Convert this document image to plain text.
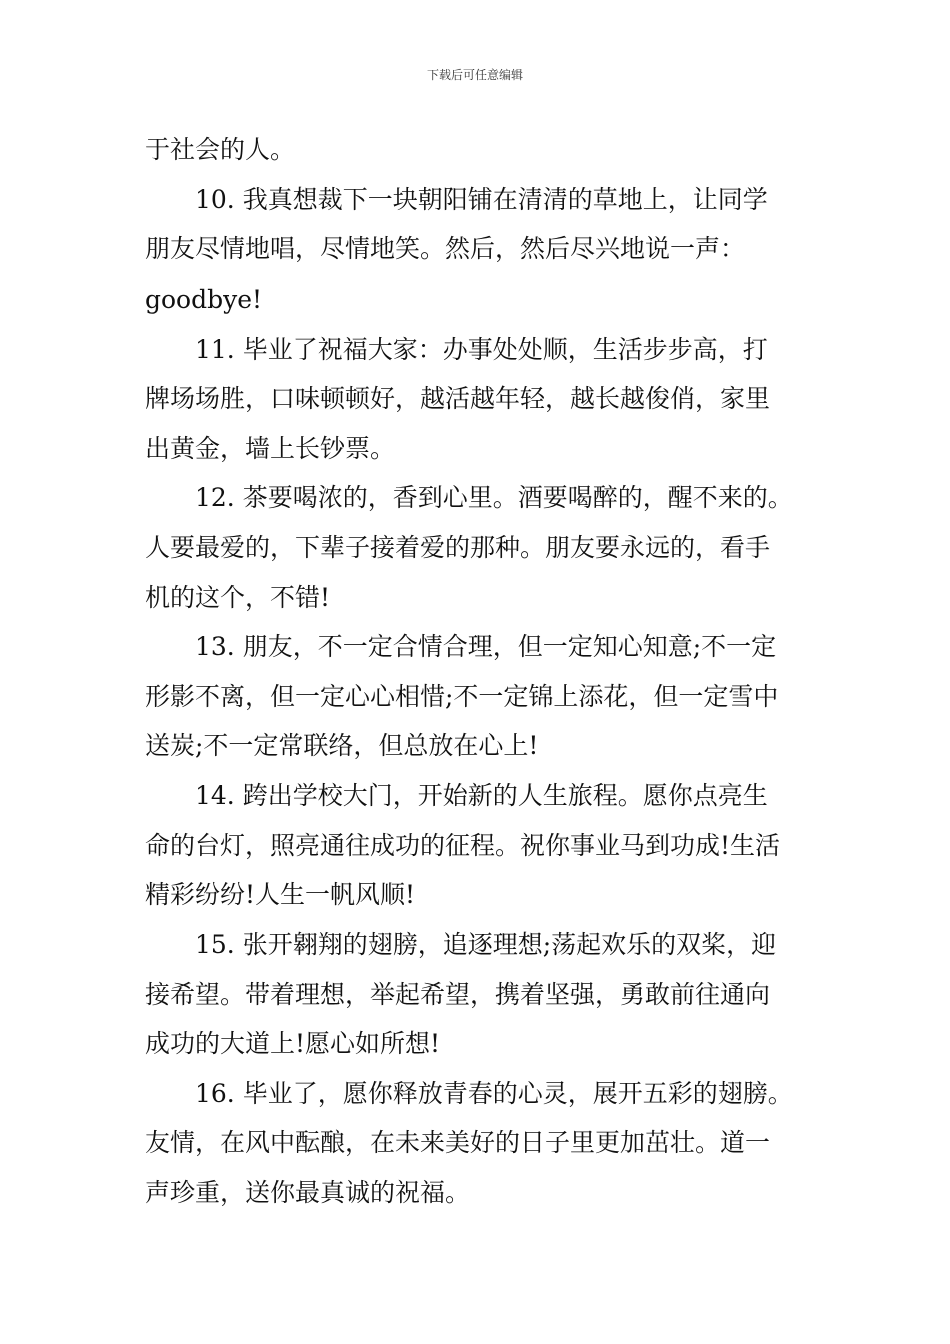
下载后可任意编辑
于社会的人。
　　10. 我真想裁下一块朝阳铺在清清的草地上，让同学
朋友尽情地唱，尽情地笑。然后，然后尽兴地说一声：
goodbye!
　　11. 毕业了祝福大家：办事处处顺，生活步步高，打
牌场场胜，口味顿顿好，越活越年轻，越长越俊俏，家里
出黄金，墙上长钞票。
　　12. 茶要喝浓的，香到心里。酒要喝醉的，醒不来的。
人要最爱的，下辈子接着爱的那种。朋友要永远的，看手
机的这个，不错!
　　13. 朋友，不一定合情合理，但一定知心知意;不一定
形影不离，但一定心心相惜;不一定锦上添花，但一定雪中
送炭;不一定常联络，但总放在心上!
　　14. 跨出学校大门，开始新的人生旅程。愿你点亮生
命的台灯，照亮通往成功的征程。祝你事业马到功成!生活
精彩纷纷!人生一帆风顺!
　　15. 张开翱翔的翅膀，追逐理想;荡起欢乐的双桨，迎
接希望。带着理想，举起希望，携着坚强，勇敢前往通向
成功的大道上!愿心如所想!
　　16. 毕业了，愿你释放青春的心灵，展开五彩的翅膀。
友情，在风中酝酿，在未来美好的日子里更加茁壮。道一
声珍重，送你最真诚的祝福。
